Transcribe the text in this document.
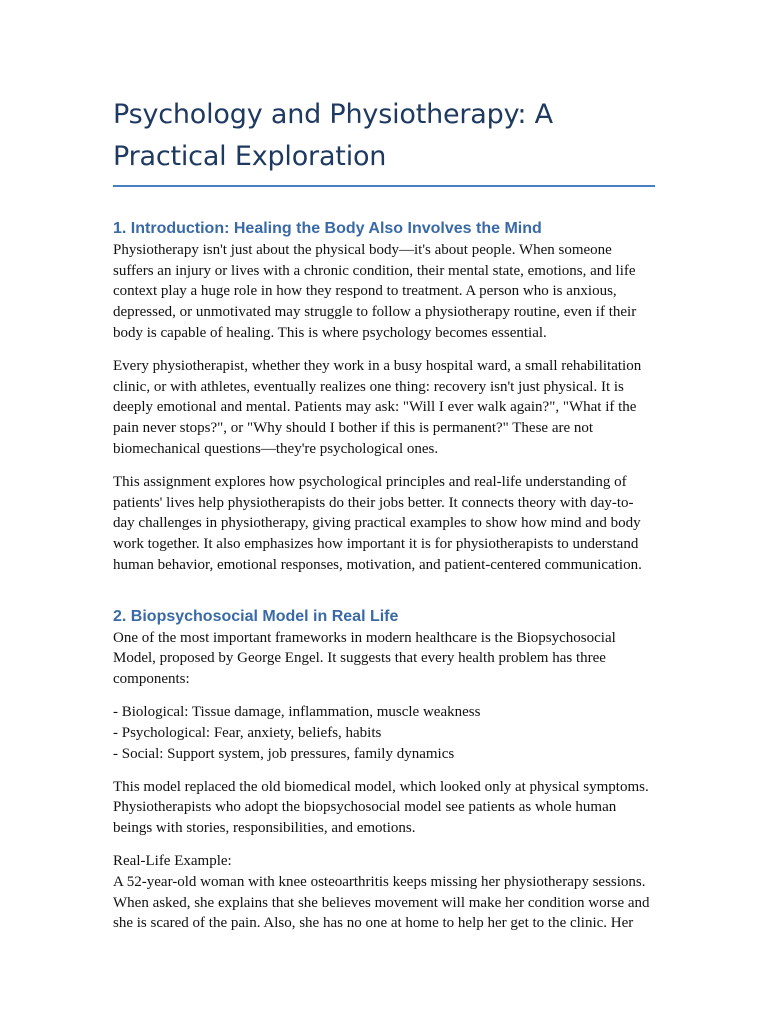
Psychology and Physiotherapy: A Practical Exploration
1. Introduction: Healing the Body Also Involves the Mind

Physiotherapy isn't just about the physical body—it's about people. When someone suffers an injury or lives with a chronic condition, their mental state, emotions, and life context play a huge role in how they respond to treatment. A person who is anxious, depressed, or unmotivated may struggle to follow a physiotherapy routine, even if their body is capable of healing. This is where psychology becomes essential.

Every physiotherapist, whether they work in a busy hospital ward, a small rehabilitation clinic, or with athletes, eventually realizes one thing: recovery isn't just physical. It is deeply emotional and mental. Patients may ask: "Will I ever walk again?", "What if the pain never stops?", or "Why should I bother if this is permanent?" These are not biomechanical questions—they're psychological ones.

This assignment explores how psychological principles and real-life understanding of patients' lives help physiotherapists do their jobs better. It connects theory with day-to-day challenges in physiotherapy, giving practical examples to show how mind and body work together. It also emphasizes how important it is for physiotherapists to understand human behavior, emotional responses, motivation, and patient-centered communication.

2. Biopsychosocial Model in Real Life

One of the most important frameworks in modern healthcare is the Biopsychosocial Model, proposed by George Engel. It suggests that every health problem has three components:

- Biological: Tissue damage, inflammation, muscle weakness
- Psychological: Fear, anxiety, beliefs, habits
- Social: Support system, job pressures, family dynamics

This model replaced the old biomedical model, which looked only at physical symptoms. Physiotherapists who adopt the biopsychosocial model see patients as whole human beings with stories, responsibilities, and emotions.

Real-Life Example:
A 52-year-old woman with knee osteoarthritis keeps missing her physiotherapy sessions. When asked, she explains that she believes movement will make her condition worse and she is scared of the pain. Also, she has no one at home to help her get to the clinic. Her
